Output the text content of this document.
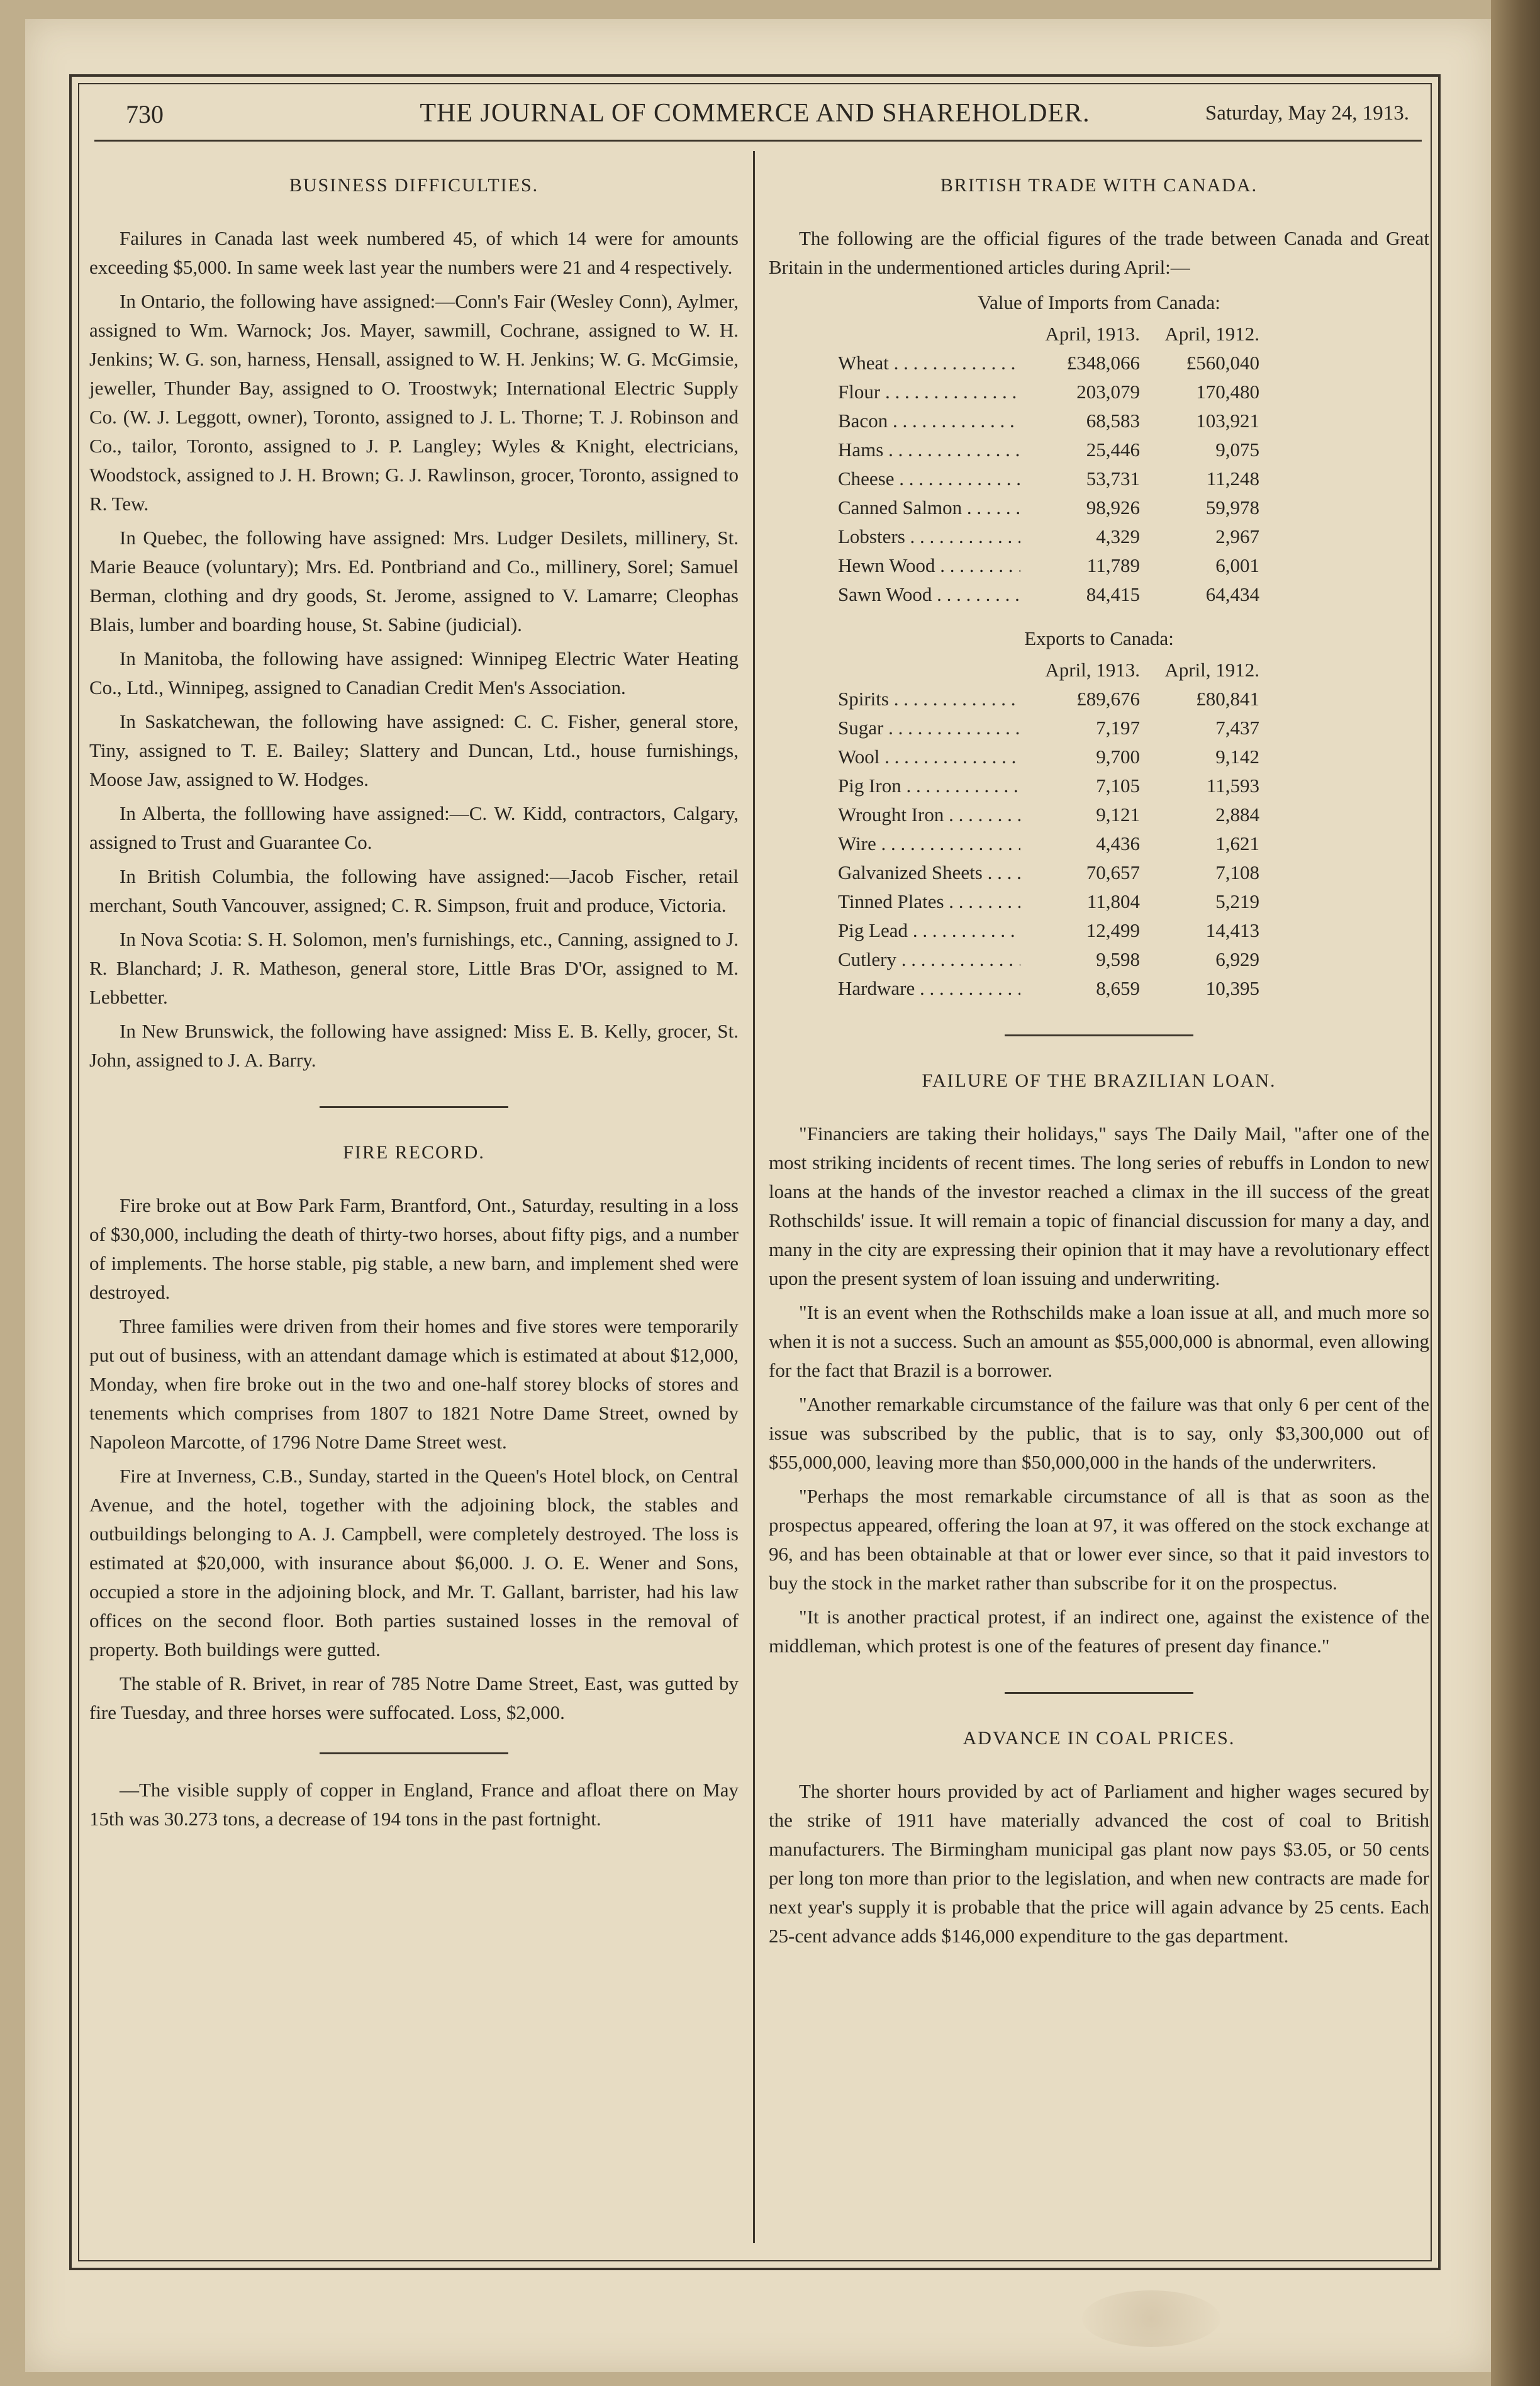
730	THE JOURNAL OF COMMERCE AND SHAREHOLDER.	Saturday, May 24, 1913.
BUSINESS DIFFICULTIES.

Failures in Canada last week numbered 45, of which 14 were for amounts exceeding $5,000. In same week last year the numbers were 21 and 4 respectively.

In Ontario, the following have assigned:—Conn's Fair (Wesley Conn), Aylmer, assigned to Wm. Warnock; Jos. Mayer, sawmill, Cochrane, assigned to W. H. Jenkins; W. G. son, harness, Hensall, assigned to W. H. Jenkins; W. G. McGimsie, jeweller, Thunder Bay, assigned to O. Troostwyk; International Electric Supply Co. (W. J. Leggott, owner), Toronto, assigned to J. L. Thorne; T. J. Robinson and Co., tailor, Toronto, assigned to J. P. Langley; Wyles & Knight, electricians, Woodstock, assigned to J. H. Brown; G. J. Rawlinson, grocer, Toronto, assigned to R. Tew.

In Quebec, the following have assigned: Mrs. Ludger Desilets, millinery, St. Marie Beauce (voluntary); Mrs. Ed. Pontbriand and Co., millinery, Sorel; Samuel Berman, clothing and dry goods, St. Jerome, assigned to V. Lamarre; Cleophas Blais, lumber and boarding house, St. Sabine (judicial).

In Manitoba, the following have assigned: Winnipeg Electric Water Heating Co., Ltd., Winnipeg, assigned to Canadian Credit Men's Association.

In Saskatchewan, the following have assigned: C. C. Fisher, general store, Tiny, assigned to T. E. Bailey; Slattery and Duncan, Ltd., house furnishings, Moose Jaw, assigned to W. Hodges.

In Alberta, the folllowing have assigned:—C. W. Kidd, contractors, Calgary, assigned to Trust and Guarantee Co.

In British Columbia, the following have assigned:—Jacob Fischer, retail merchant, South Vancouver, assigned; C. R. Simpson, fruit and produce, Victoria.

In Nova Scotia: S. H. Solomon, men's furnishings, etc., Canning, assigned to J. R. Blanchard; J. R. Matheson, general store, Little Bras D'Or, assigned to M. Lebbetter.

In New Brunswick, the following have assigned: Miss E. B. Kelly, grocer, St. John, assigned to J. A. Barry.

FIRE RECORD.

Fire broke out at Bow Park Farm, Brantford, Ont., Saturday, resulting in a loss of $30,000, including the death of thirty-two horses, about fifty pigs, and a number of implements. The horse stable, pig stable, a new barn, and implement shed were destroyed.

Three families were driven from their homes and five stores were temporarily put out of business, with an attendant damage which is estimated at about $12,000, Monday, when fire broke out in the two and one-half storey blocks of stores and tenements which comprises from 1807 to 1821 Notre Dame Street, owned by Napoleon Marcotte, of 1796 Notre Dame Street west.

Fire at Inverness, C.B., Sunday, started in the Queen's Hotel block, on Central Avenue, and the hotel, together with the adjoining block, the stables and outbuildings belonging to A. J. Campbell, were completely destroyed. The loss is estimated at $20,000, with insurance about $6,000. J. O. E. Wener and Sons, occupied a store in the adjoining block, and Mr. T. Gallant, barrister, had his law offices on the second floor. Both parties sustained losses in the removal of property. Both buildings were gutted.

The stable of R. Brivet, in rear of 785 Notre Dame Street, East, was gutted by fire Tuesday, and three horses were suffocated. Loss, $2,000.

—The visible supply of copper in England, France and afloat there on May 15th was 30.273 tons, a decrease of 194 tons in the past fortnight.

BRITISH TRADE WITH CANADA.

The following are the official figures of the trade between Canada and Great Britain in the undermentioned articles during April:—

Value of Imports from Canada:
April, 1913.	April, 1912.
Wheat . . .	£348,066	£560,040
Flour . . .	203,079	170,480
Bacon . . .	68,583	103,921
Hams . . .	25,446	9,075
Cheese . . .	53,731	11,248
Canned Salmon . . .	98,926	59,978
Lobsters . . .	4,329	2,967
Hewn Wood . . .	11,789	6,001
Sawn Wood . . .	84,415	64,434
Exports to Canada:
April, 1913.	April, 1912.
Spirits . . .	£89,676	£80,841
Sugar . . .	7,197	7,437
Wool . . .	9,700	9,142
Pig Iron . . .	7,105	11,593
Wrought Iron . . .	9,121	2,884
Wire . . .	4,436	1,621
Galvanized Sheets . . .	70,657	7,108
Tinned Plates . . .	11,804	5,219
Pig Lead . . .	12,499	14,413
Cutlery . . .	9,598	6,929
Hardware . . .	8,659	10,395
FAILURE OF THE BRAZILIAN LOAN.

"Financiers are taking their holidays," says The Daily Mail, "after one of the most striking incidents of recent times. The long series of rebuffs in London to new loans at the hands of the investor reached a climax in the ill success of the great Rothschilds' issue. It will remain a topic of financial discussion for many a day, and many in the city are expressing their opinion that it may have a revolutionary effect upon the present system of loan issuing and underwriting.

"It is an event when the Rothschilds make a loan issue at all, and much more so when it is not a success. Such an amount as $55,000,000 is abnormal, even allowing for the fact that Brazil is a borrower.

"Another remarkable circumstance of the failure was that only 6 per cent of the issue was subscribed by the public, that is to say, only $3,300,000 out of $55,000,000, leaving more than $50,000,000 in the hands of the underwriters.

"Perhaps the most remarkable circumstance of all is that as soon as the prospectus appeared, offering the loan at 97, it was offered on the stock exchange at 96, and has been obtainable at that or lower ever since, so that it paid investors to buy the stock in the market rather than subscribe for it on the prospectus.

"It is another practical protest, if an indirect one, against the existence of the middleman, which protest is one of the features of present day finance."

ADVANCE IN COAL PRICES.

The shorter hours provided by act of Parliament and higher wages secured by the strike of 1911 have materially advanced the cost of coal to British manufacturers. The Birmingham municipal gas plant now pays $3.05, or 50 cents per long ton more than prior to the legislation, and when new contracts are made for next year's supply it is probable that the price will again advance by 25 cents. Each 25-cent advance adds $146,000 expenditure to the gas department.
